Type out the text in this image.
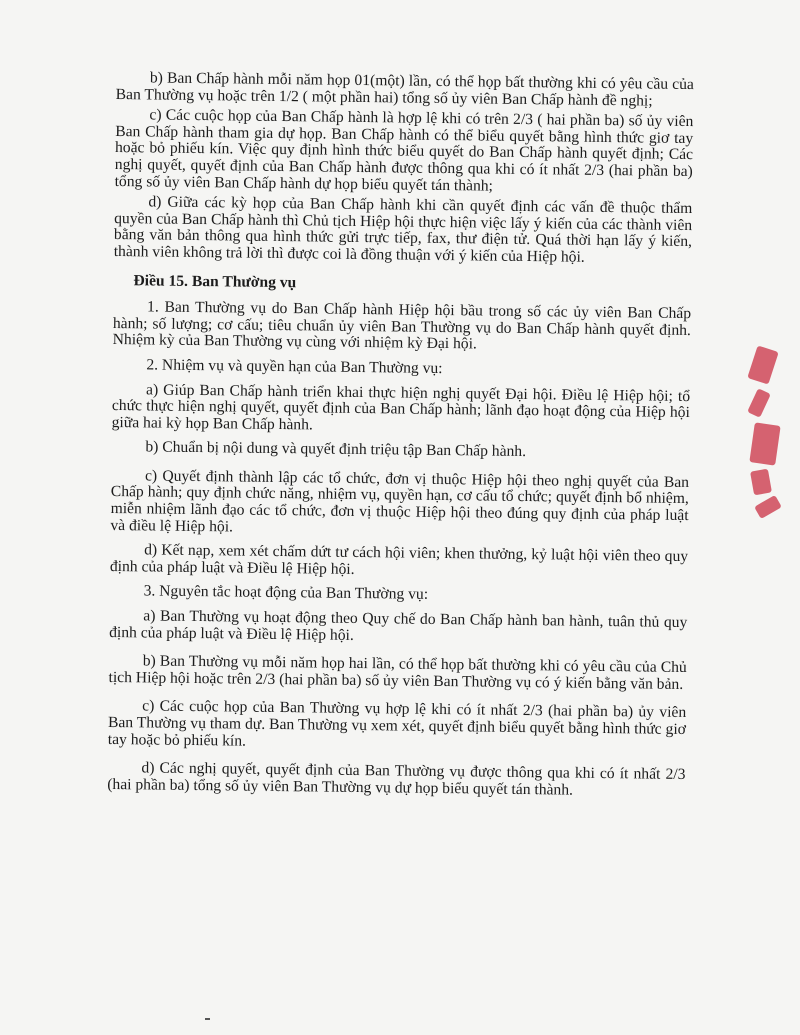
b) Ban Chấp hành mỗi năm họp 01(một) lần, có thể họp bất thường khi có yêu cầu của Ban Thường vụ hoặc trên 1/2 ( một phần hai) tổng số ủy viên Ban Chấp hành đề nghị;

c) Các cuộc họp của Ban Chấp hành là hợp lệ khi có trên 2/3 ( hai phần ba) số ủy viên Ban Chấp hành tham gia dự họp. Ban Chấp hành có thể biểu quyết bằng hình thức giơ tay hoặc bỏ phiếu kín. Việc quy định hình thức biểu quyết do Ban Chấp hành quyết định; Các nghị quyết, quyết định của Ban Chấp hành được thông qua khi có ít nhất 2/3 (hai phần ba) tổng số ủy viên Ban Chấp hành dự họp biểu quyết tán thành;

d) Giữa các kỳ họp của Ban Chấp hành khi cần quyết định các vấn đề thuộc thẩm quyền của Ban Chấp hành thì Chủ tịch Hiệp hội thực hiện việc lấy ý kiến của các thành viên bằng văn bản thông qua hình thức gửi trực tiếp, fax, thư điện tử. Quá thời hạn lấy ý kiến, thành viên không trả lời thì được coi là đồng thuận với ý kiến của Hiệp hội.

Điều 15. Ban Thường vụ

1. Ban Thường vụ do Ban Chấp hành Hiệp hội bầu trong số các ủy viên Ban Chấp hành; số lượng; cơ cấu; tiêu chuẩn ủy viên Ban Thường vụ do Ban Chấp hành quyết định. Nhiệm kỳ của Ban Thường vụ cùng với nhiệm kỳ Đại hội.

2. Nhiệm vụ và quyền hạn của Ban Thường vụ:

a) Giúp Ban Chấp hành triển khai thực hiện nghị quyết Đại hội. Điều lệ Hiệp hội; tổ chức thực hiện nghị quyết, quyết định của Ban Chấp hành; lãnh đạo hoạt động của Hiệp hội giữa hai kỳ họp Ban Chấp hành.

b) Chuẩn bị nội dung và quyết định triệu tập Ban Chấp hành.

c) Quyết định thành lập các tổ chức, đơn vị thuộc Hiệp hội theo nghị quyết của Ban Chấp hành; quy định chức năng, nhiệm vụ, quyền hạn, cơ cấu tổ chức; quyết định bổ nhiệm, miễn nhiệm lãnh đạo các tổ chức, đơn vị thuộc Hiệp hội theo đúng quy định của pháp luật và điều lệ Hiệp hội.

d) Kết nạp, xem xét chấm dứt tư cách hội viên; khen thưởng, kỷ luật hội viên theo quy định của pháp luật và Điều lệ Hiệp hội.

3. Nguyên tắc hoạt động của Ban Thường vụ:

a) Ban Thường vụ hoạt động theo Quy chế do Ban Chấp hành ban hành, tuân thủ quy định của pháp luật và Điều lệ Hiệp hội.

b) Ban Thường vụ mỗi năm họp hai lần, có thể họp bất thường khi có yêu cầu của Chủ tịch Hiệp hội hoặc trên 2/3 (hai phần ba) số ủy viên Ban Thường vụ có ý kiến bằng văn bản.

c) Các cuộc họp của Ban Thường vụ hợp lệ khi có ít nhất 2/3 (hai phần ba) ủy viên Ban Thường vụ tham dự. Ban Thường vụ xem xét, quyết định biểu quyết bằng hình thức giơ tay hoặc bỏ phiếu kín.

d) Các nghị quyết, quyết định của Ban Thường vụ được thông qua khi có ít nhất 2/3 (hai phần ba) tổng số ủy viên Ban Thường vụ dự họp biểu quyết tán thành.
